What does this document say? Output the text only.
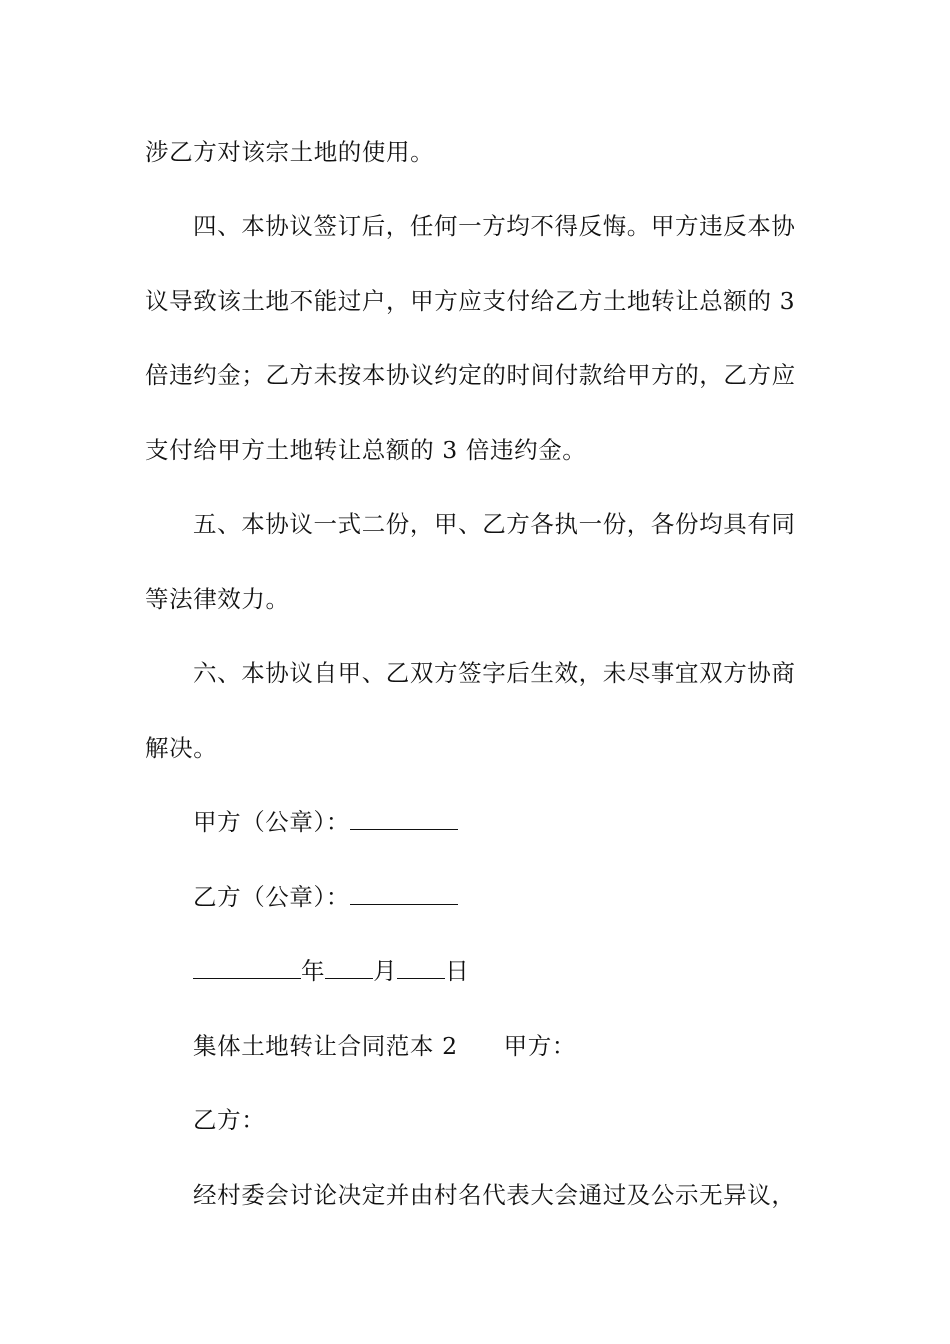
涉乙方对该宗土地的使用。
四、本协议签订后，任何一方均不得反悔。甲方违反本协
议导致该土地不能过户，甲方应支付给乙方土地转让总额的 3
倍违约金；乙方未按本协议约定的时间付款给甲方的，乙方应
支付给甲方土地转让总额的 3 倍违约金。
五、本协议一式二份，甲、乙方各执一份，各份均具有同
等法律效力。
六、本协议自甲、乙双方签字后生效，未尽事宜双方协商
解决。
甲方（公章）：
乙方（公章）：
年 月 日
集体土地转让合同范本 2 甲方：
乙方：
经村委会讨论决定并由村名代表大会通过及公示无异议，
